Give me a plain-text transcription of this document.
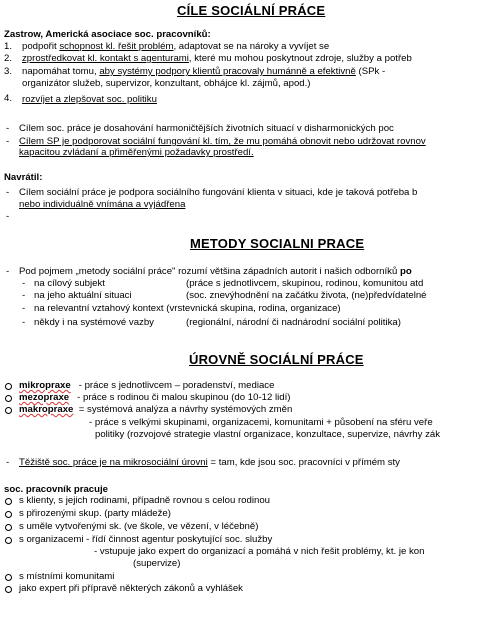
CÍLE SOCIÁLNÍ PRÁCE
Zastrow, Americká asociace soc. pracovníků:
1. podpořit schopnost kl. řešit problém, adaptovat se na nároky a vyvíjet se
2. zprostředkovat kl. kontakt s agenturami, které mu mohou poskytnout zdroje, služby a potřeb
3. napomáhat tomu, aby systémy podpory klientů pracovaly humánně a efektivně (SPk -
organizátor služeb, supervizor, konzultant, obhájce kl. zájmů, apod.)
4. rozvíjet a zlepšovat soc. politiku
- Cílem soc. práce je dosahování harmoničtějších životních situací v disharmonických poc
- Cílem SP je podporovat sociální fungování kl. tím, že mu pomáhá obnovit nebo udržovat rovnov
kapacitou zvládaní a přiměřenými požadavky prostředí.
Navrátil:
- Cílem sociální práce je podpora sociálního fungování klienta v situaci, kde je taková potřeba b
nebo individuálně vnímána a vyjádřena
-
METODY SOCIALNI PRACE
- Pod pojmem „metody sociální práce" rozumí většina západních autorit i našich odborníků po
- na cílový subjekt	(práce s jednotlivcem, skupinou, rodinou, komunitou atd
- na jeho aktuální situaci	(soc. znevýhodnění na začátku života, (ne)předvídatelné
- na relevantní vztahový kontext (vrstevnická skupina, rodina, organizace)
- někdy i na systémové vazby	(regionální, národní či nadnárodní sociální politika)
ÚROVNĚ SOCIÁLNÍ PRÁCE
mikropraxe - práce s jednotlivcem – poradenství, mediace
mezopraxe - práce s rodinou či malou skupinou (do 10-12 lidí)
makropraxe = systémová analýza a návrhy systémových změn
- práce s velkými skupinami, organizacemi, komunitami + působení na sféru veře
politiky (rozvojové strategie vlastní organizace, konzultace, supervize, návrhy zák
- Těžiště soc. práce je na mikrosociální úrovni = tam, kde jsou soc. pracovníci v přímém sty
soc. pracovník pracuje
s klienty, s jejich rodinami, případně rovnou s celou rodinou
s přirozenými skup. (party mládeže)
s uměle vytvořenými sk. (ve škole, ve vězení, v léčebně)
s organizacemi - řídí činnost agentur poskytující soc. služby
- vstupuje jako expert do organizací a pomáhá v nich řešit problémy, kt. je kon
(supervize)
s místními komunitami
jako expert při přípravě některých zákonů a vyhlášek
